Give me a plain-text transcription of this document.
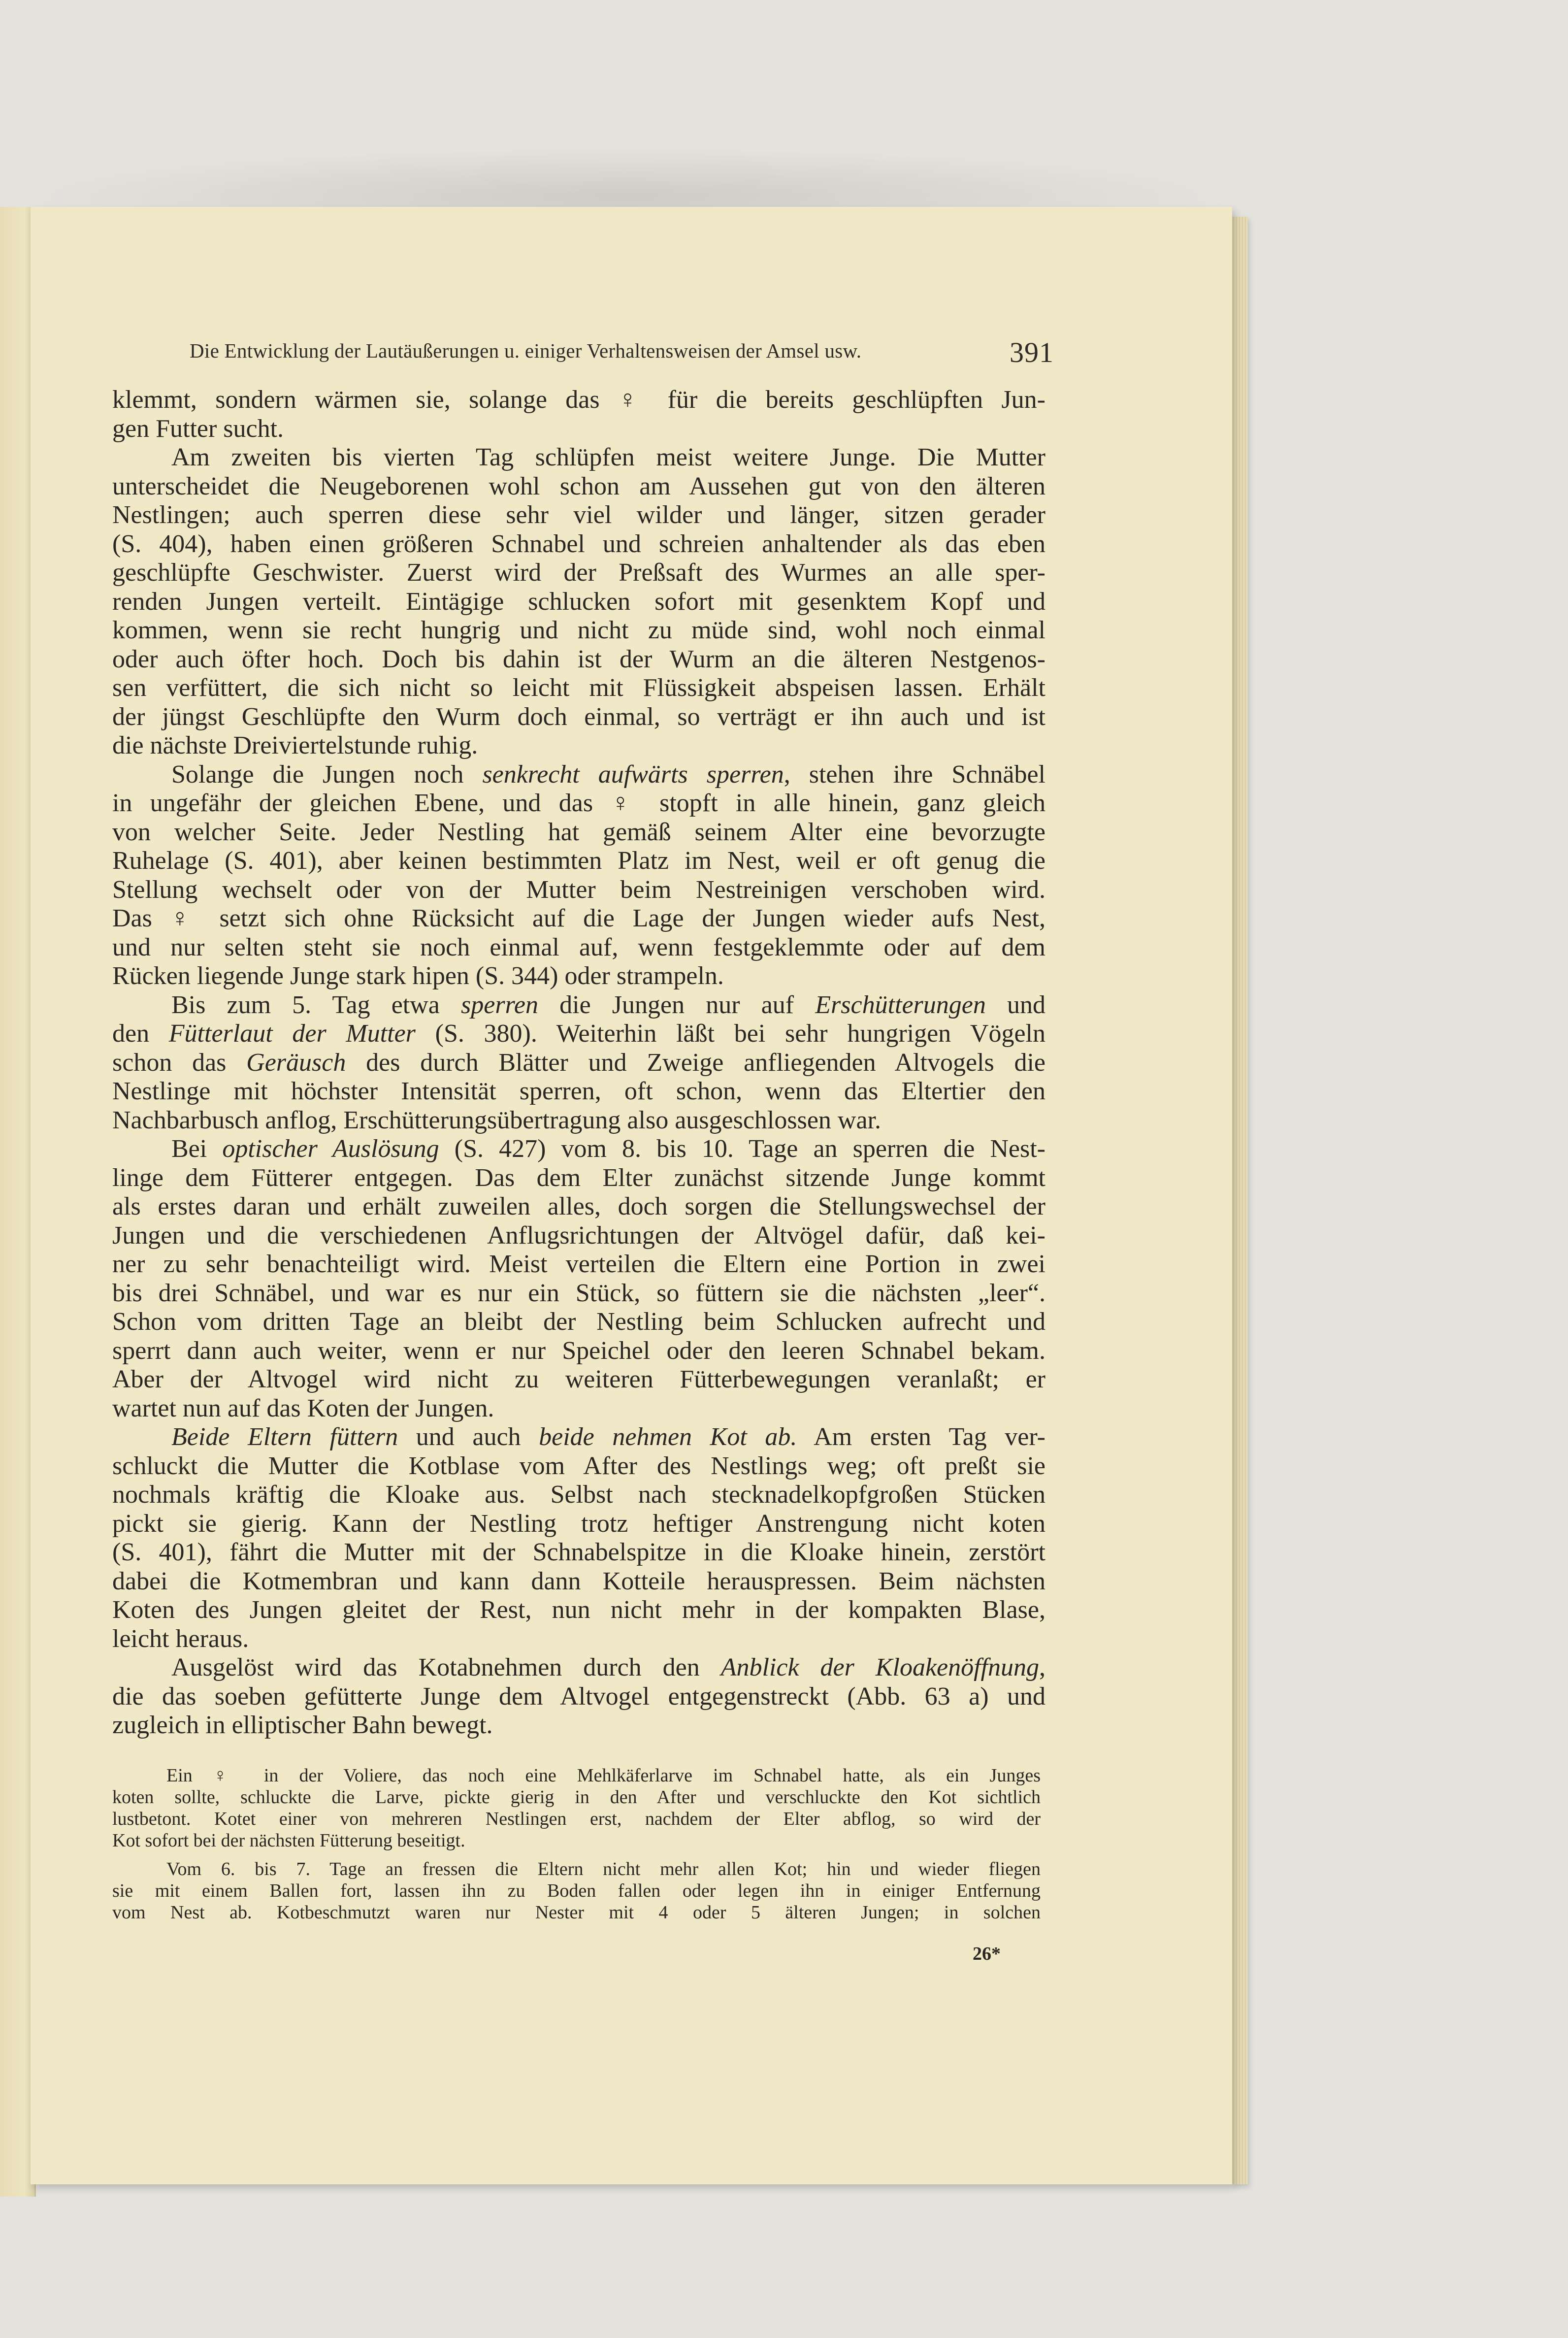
Die Entwicklung der Lautäußerungen u. einiger Verhaltensweisen der Amsel usw.	391
klemmt, sondern wärmen sie, solange das ♀ für die bereits geschlüpften Jun-
gen Futter sucht.
Am zweiten bis vierten Tag schlüpfen meist weitere Junge. Die Mutter
unterscheidet die Neugeborenen wohl schon am Aussehen gut von den älteren
Nestlingen; auch sperren diese sehr viel wilder und länger, sitzen gerader
(S. 404), haben einen größeren Schnabel und schreien anhaltender als das eben
geschlüpfte Geschwister. Zuerst wird der Preßsaft des Wurmes an alle sper-
renden Jungen verteilt. Eintägige schlucken sofort mit gesenktem Kopf und
kommen, wenn sie recht hungrig und nicht zu müde sind, wohl noch einmal
oder auch öfter hoch. Doch bis dahin ist der Wurm an die älteren Nestgenos-
sen verfüttert, die sich nicht so leicht mit Flüssigkeit abspeisen lassen. Erhält
der jüngst Geschlüpfte den Wurm doch einmal, so verträgt er ihn auch und ist
die nächste Dreiviertelstunde ruhig.
Solange die Jungen noch senkrecht aufwärts sperren, stehen ihre Schnäbel
in ungefähr der gleichen Ebene, und das ♀ stopft in alle hinein, ganz gleich
von welcher Seite. Jeder Nestling hat gemäß seinem Alter eine bevorzugte
Ruhelage (S. 401), aber keinen bestimmten Platz im Nest, weil er oft genug die
Stellung wechselt oder von der Mutter beim Nestreinigen verschoben wird.
Das ♀ setzt sich ohne Rücksicht auf die Lage der Jungen wieder aufs Nest,
und nur selten steht sie noch einmal auf, wenn festgeklemmte oder auf dem
Rücken liegende Junge stark hipen (S. 344) oder strampeln.
Bis zum 5. Tag etwa sperren die Jungen nur auf Erschütterungen und
den Fütterlaut der Mutter (S. 380). Weiterhin läßt bei sehr hungrigen Vögeln
schon das Geräusch des durch Blätter und Zweige anfliegenden Altvogels die
Nestlinge mit höchster Intensität sperren, oft schon, wenn das Eltertier den
Nachbarbusch anflog, Erschütterungsübertragung also ausgeschlossen war.
Bei optischer Auslösung (S. 427) vom 8. bis 10. Tage an sperren die Nest-
linge dem Fütterer entgegen. Das dem Elter zunächst sitzende Junge kommt
als erstes daran und erhält zuweilen alles, doch sorgen die Stellungswechsel der
Jungen und die verschiedenen Anflugsrichtungen der Altvögel dafür, daß kei-
ner zu sehr benachteiligt wird. Meist verteilen die Eltern eine Portion in zwei
bis drei Schnäbel, und war es nur ein Stück, so füttern sie die nächsten „leer“.
Schon vom dritten Tage an bleibt der Nestling beim Schlucken aufrecht und
sperrt dann auch weiter, wenn er nur Speichel oder den leeren Schnabel bekam.
Aber der Altvogel wird nicht zu weiteren Fütterbewegungen veranlaßt; er
wartet nun auf das Koten der Jungen.
Beide Eltern füttern und auch beide nehmen Kot ab. Am ersten Tag ver-
schluckt die Mutter die Kotblase vom After des Nestlings weg; oft preßt sie
nochmals kräftig die Kloake aus. Selbst nach stecknadelkopfgroßen Stücken
pickt sie gierig. Kann der Nestling trotz heftiger Anstrengung nicht koten
(S. 401), fährt die Mutter mit der Schnabelspitze in die Kloake hinein, zerstört
dabei die Kotmembran und kann dann Kotteile herauspressen. Beim nächsten
Koten des Jungen gleitet der Rest, nun nicht mehr in der kompakten Blase,
leicht heraus.
Ausgelöst wird das Kotabnehmen durch den Anblick der Kloakenöffnung,
die das soeben gefütterte Junge dem Altvogel entgegenstreckt (Abb. 63 a) und
zugleich in elliptischer Bahn bewegt.
Ein ♀ in der Voliere, das noch eine Mehlkäferlarve im Schnabel hatte, als ein Junges
koten sollte, schluckte die Larve, pickte gierig in den After und verschluckte den Kot sichtlich
lustbetont. Kotet einer von mehreren Nestlingen erst, nachdem der Elter abflog, so wird der
Kot sofort bei der nächsten Fütterung beseitigt.
Vom 6. bis 7. Tage an fressen die Eltern nicht mehr allen Kot; hin und wieder fliegen
sie mit einem Ballen fort, lassen ihn zu Boden fallen oder legen ihn in einiger Entfernung
vom Nest ab. Kotbeschmutzt waren nur Nester mit 4 oder 5 älteren Jungen; in solchen
26*
